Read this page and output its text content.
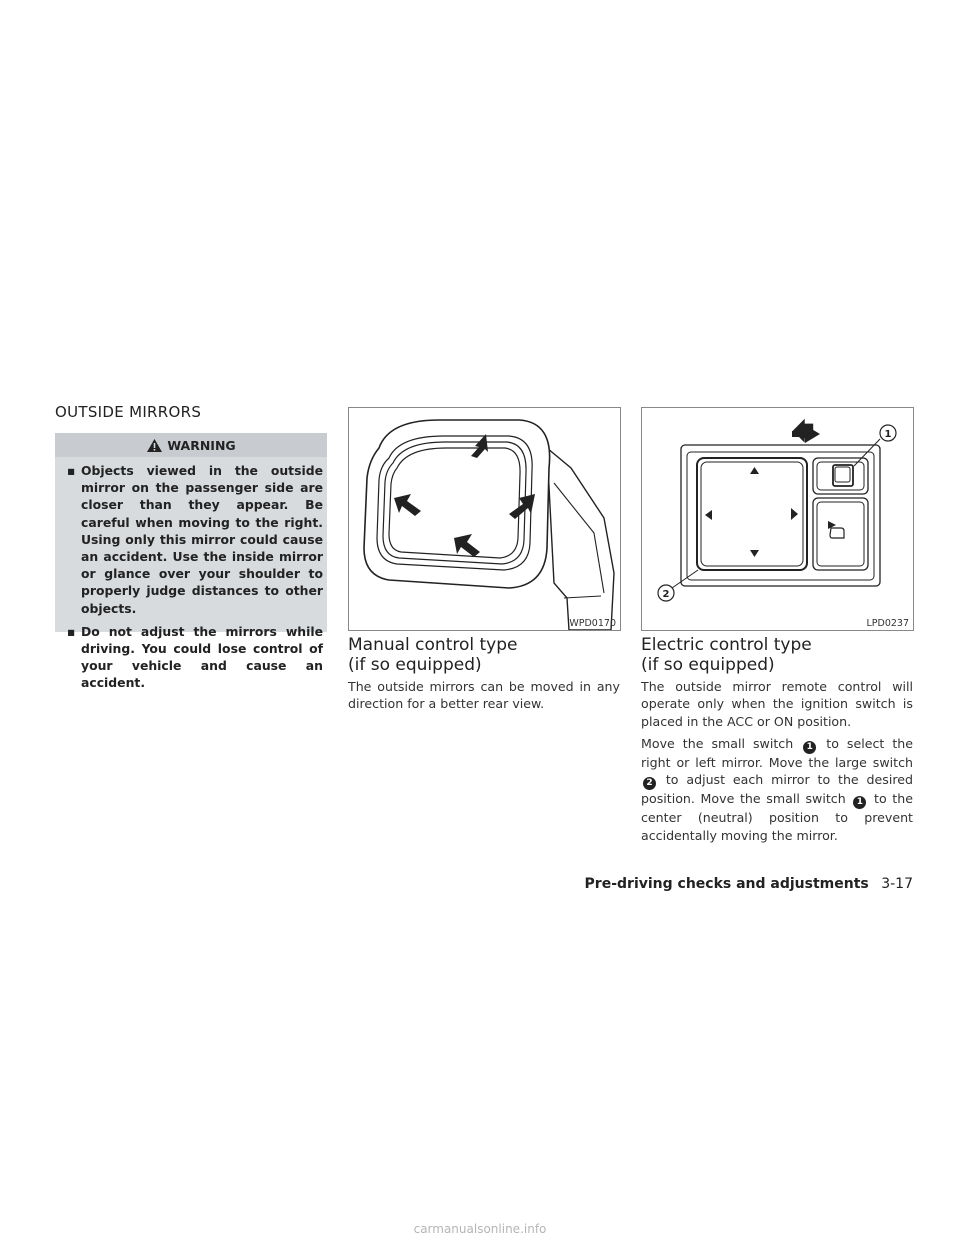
OUTSIDE MIRRORS
WARNING
▪ Objects viewed in the outside mirror on the passenger side are closer than they appear. Be careful when moving to the right. Using only this mirror could cause an accident. Use the inside mirror or glance over your shoulder to properly judge distances to other objects.
▪ Do not adjust the mirrors while driving. You could lose control of your vehicle and cause an accident.
WPD0170
1
2
LPD0237
Manual control type
(if so equipped)
The outside mirrors can be moved in any direction for a better rear view.
Electric control type
(if so equipped)
The outside mirror remote control will operate only when the ignition switch is placed in the ACC or ON position.
Move the small switch 1 to select the right or left mirror. Move the large switch 2 to adjust each mirror to the desired position. Move the small switch 1 to the center (neutral) position to prevent accidentally moving the mirror.
Pre-driving checks and adjustments 3-17
carmanualsonline.info
